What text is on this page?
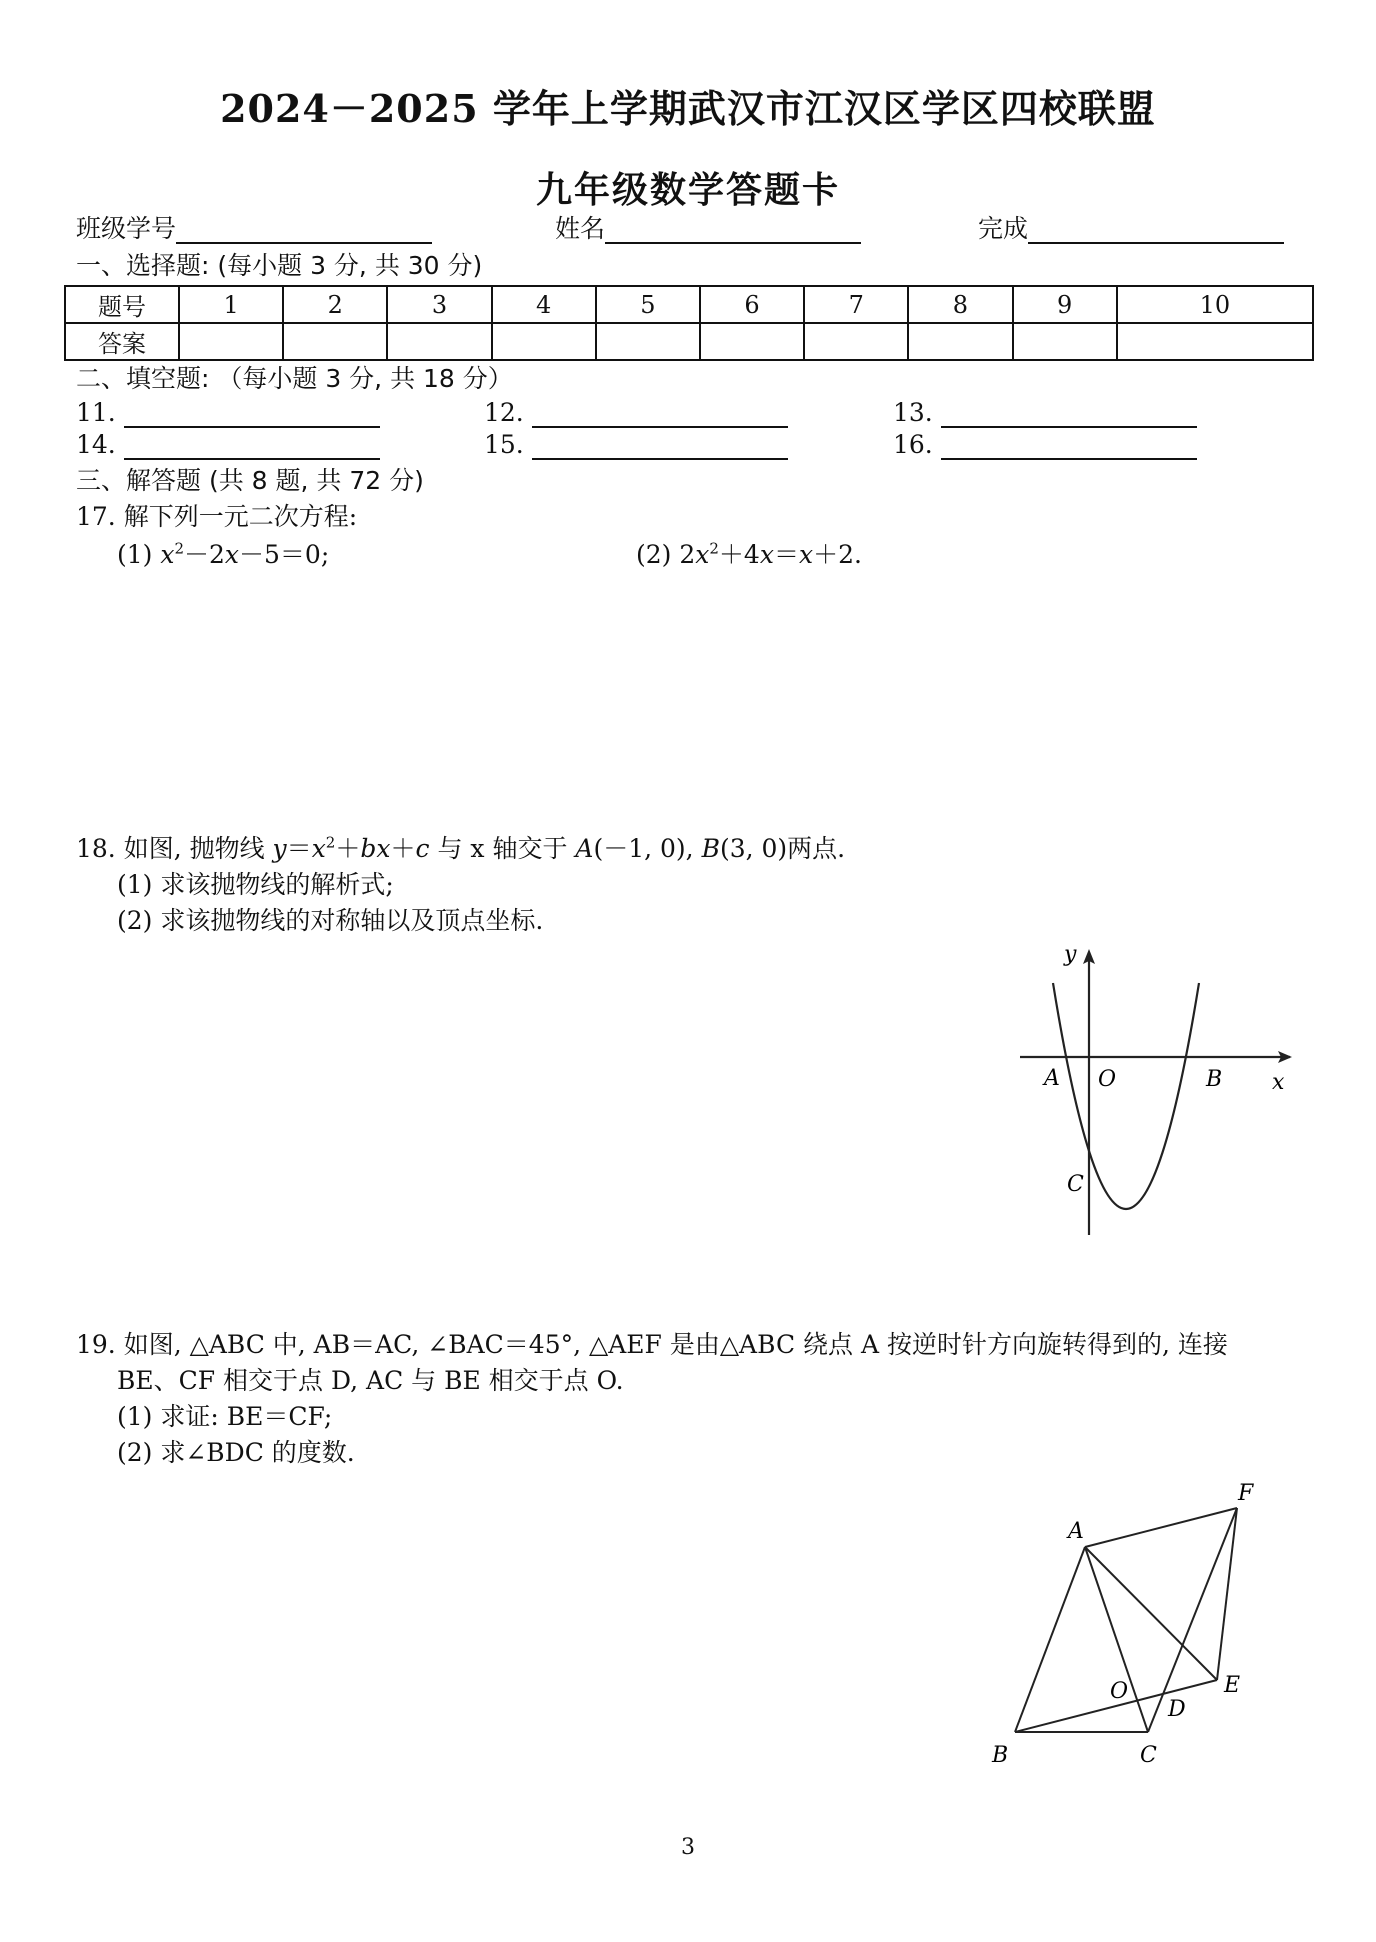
2024－2025 学年上学期武汉市江汉区学区四校联盟
九年级数学答题卡
班级学号	姓名	完成
一、选择题: (每小题 3 分, 共 30 分)
题号	1	2	3	4	5	6	7	8	9	10
答案										
二、填空题: （每小题 3 分, 共 18 分）
11.	12.	13.
14.	15.	16.
三、解答题 (共 8 题, 共 72 分)
17. 解下列一元二次方程:
(1) $x^2-2x-5=0$;	(2) $2x^2+4x=x+2$.
18. 如图, 抛物线 $y=x^2+bx+c$ 与 x 轴交于 A(－1, 0), B(3, 0)两点.
(1) 求该抛物线的解析式;
(2) 求该抛物线的对称轴以及顶点坐标.
y
x
A O	B
C
19. 如图, △ABC 中, AB＝AC, ∠BAC＝45°, △AEF 是由△ABC 绕点 A 按逆时针方向旋转得到的, 连接
BE、CF 相交于点 D, AC 与 BE 相交于点 O.
(1) 求证: BE＝CF;
(2) 求∠BDC 的度数.
A
B	C
D
E
F
O
3
